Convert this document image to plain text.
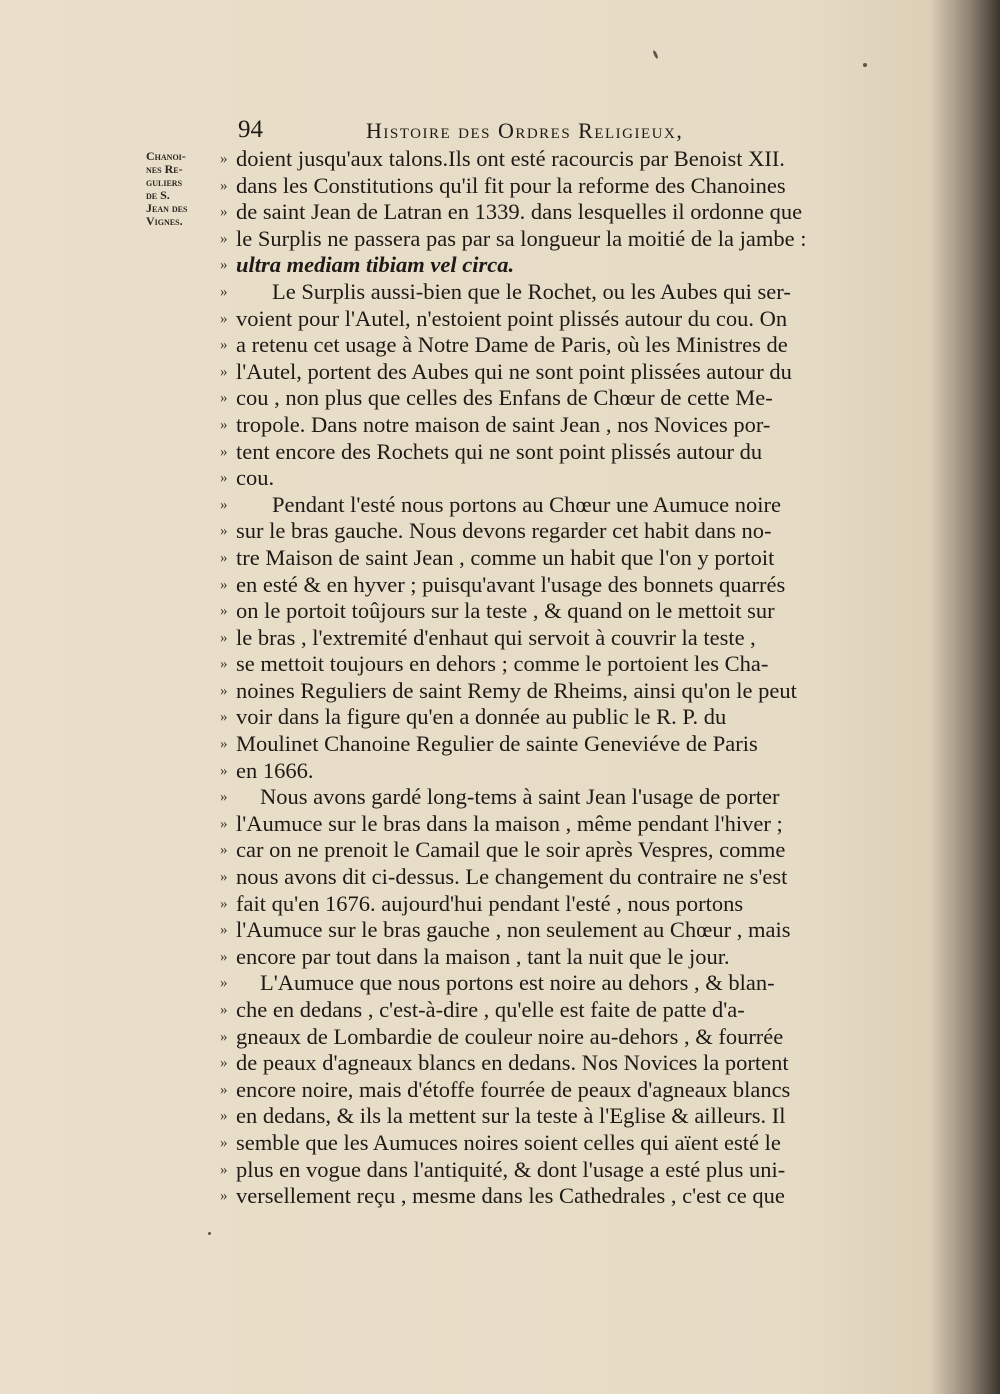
94	Histoire des Ordres Religieux,
Chanoi-
nes Re-
guliers
de S.
Jean des
Vignes.
» doient jusqu'aux talons.Ils ont esté racourcis par Benoist XII.
» dans les Constitutions qu'il fit pour la reforme des Chanoines
» de saint Jean de Latran en 1339. dans lesquelles il ordonne que
» le Surplis ne passera pas par sa longueur la moitié de la jambe :
» ultra mediam tibiam vel circa.
»	Le Surplis aussi-bien que le Rochet, ou les Aubes qui ser-
» voient pour l'Autel, n'estoient point plissés autour du cou. On
» a retenu cet usage à Notre Dame de Paris, où les Ministres de
» l'Autel, portent des Aubes qui ne sont point plissées autour du
» cou , non plus que celles des Enfans de Chœur de cette Me-
» tropole. Dans notre maison de saint Jean , nos Novices por-
» tent encore des Rochets qui ne sont point plissés autour du
» cou.
»	Pendant l'esté nous portons au Chœur une Aumuce noire
» sur le bras gauche. Nous devons regarder cet habit dans no-
» tre Maison de saint Jean , comme un habit que l'on y portoit
» en esté & en hyver ; puisqu'avant l'usage des bonnets quarrés
» on le portoit toûjours sur la teste , & quand on le mettoit sur
» le bras , l'extremité d'enhaut qui servoit à couvrir la teste ,
» se mettoit toujours en dehors ; comme le portoient les Cha-
» noines Reguliers de saint Remy de Rheims, ainsi qu'on le peut
» voir dans la figure qu'en a donnée au public le R. P. du
» Moulinet Chanoine Regulier de sainte Geneviéve de Paris
» en 1666.
»	Nous avons gardé long-tems à saint Jean l'usage de porter
» l'Aumuce sur le bras dans la maison , même pendant l'hiver ;
» car on ne prenoit le Camail que le soir après Vespres, comme
» nous avons dit ci-dessus. Le changement du contraire ne s'est
» fait qu'en 1676. aujourd'hui pendant l'esté , nous portons
» l'Aumuce sur le bras gauche , non seulement au Chœur , mais
» encore par tout dans la maison , tant la nuit que le jour.
»	L'Aumuce que nous portons est noire au dehors , & blan-
» che en dedans , c'est-à-dire , qu'elle est faite de patte d'a-
» gneaux de Lombardie de couleur noire au-dehors , & fourrée
» de peaux d'agneaux blancs en dedans. Nos Novices la portent
» encore noire, mais d'étoffe fourrée de peaux d'agneaux blancs
» en dedans, & ils la mettent sur la teste à l'Eglise & ailleurs. Il
» semble que les Aumuces noires soient celles qui aïent esté le
» plus en vogue dans l'antiquité, & dont l'usage a esté plus uni-
» versellement reçu , mesme dans les Cathedrales , c'est ce que
